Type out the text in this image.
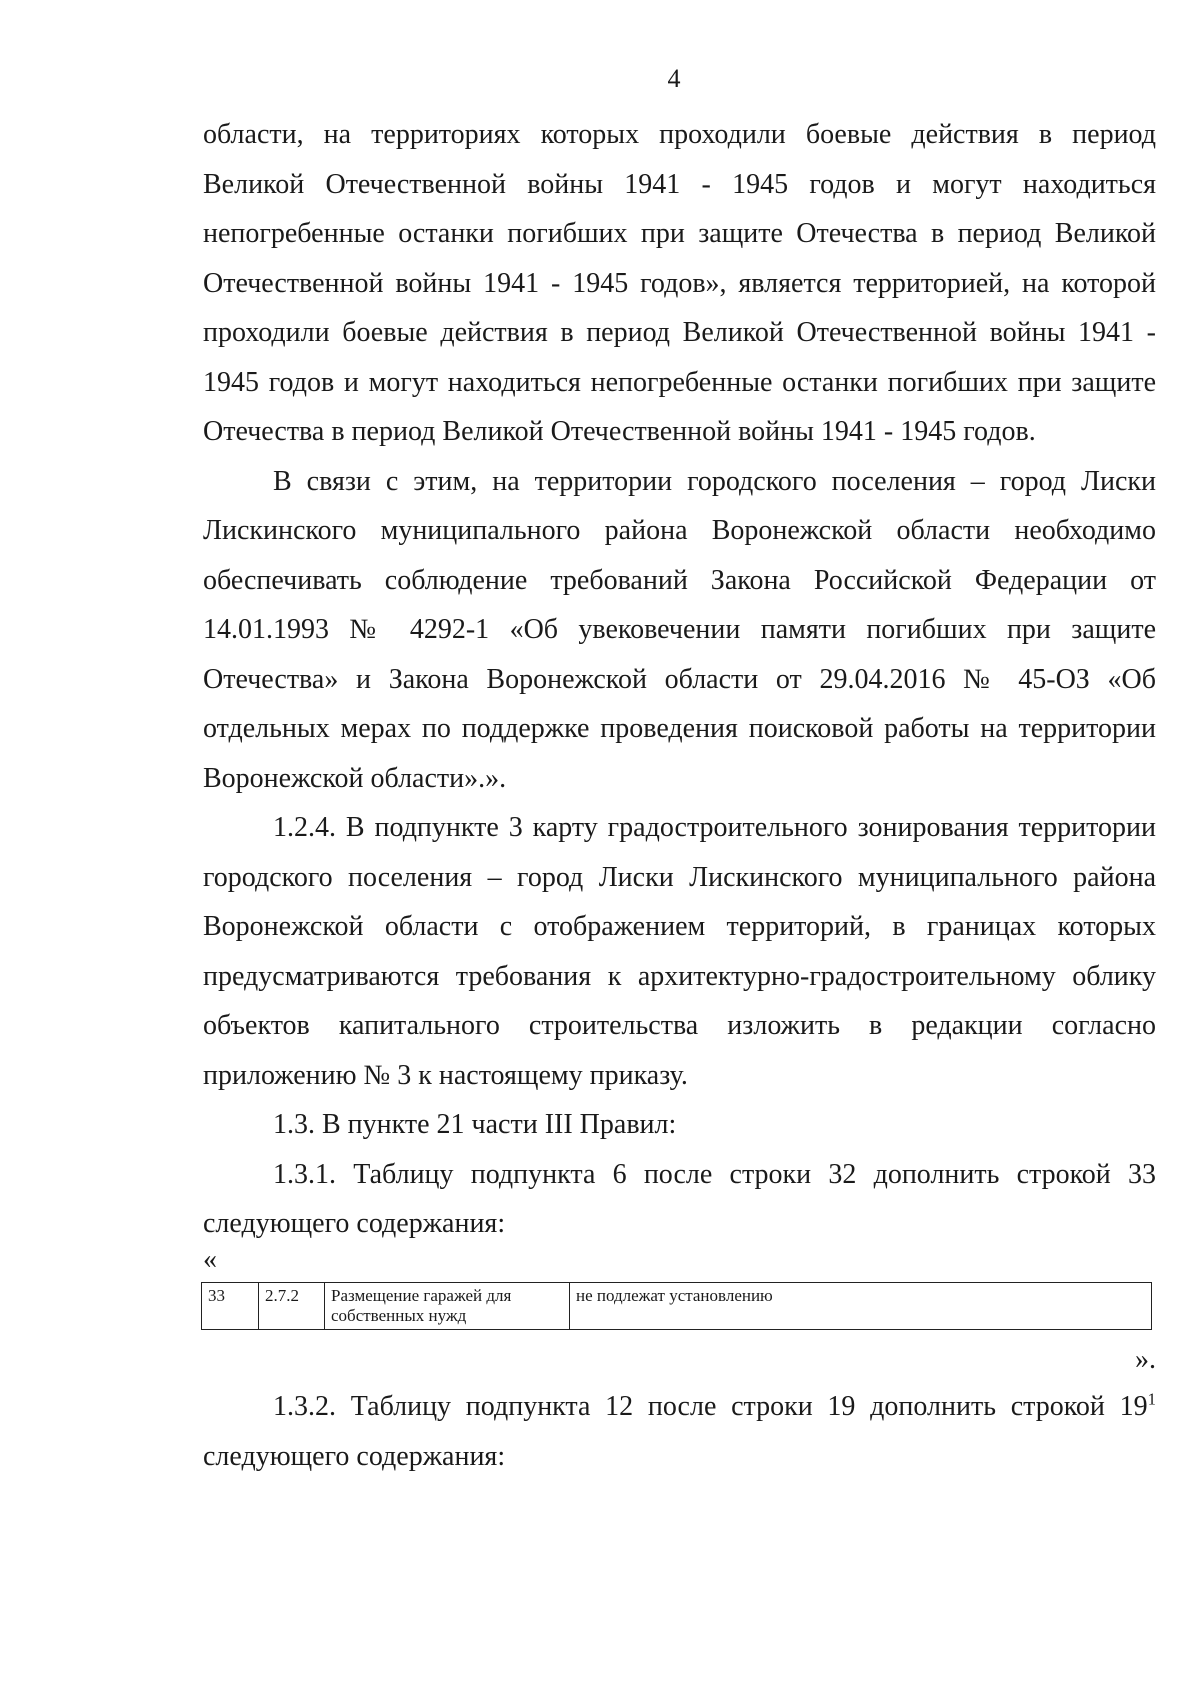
4

области, на территориях которых проходили боевые действия в период Великой Отечественной войны 1941 - 1945 годов и могут находиться непогребенные останки погибших при защите Отечества в период Великой Отечественной войны 1941 - 1945 годов», является территорией, на которой проходили боевые действия в период Великой Отечественной войны 1941 - 1945 годов и могут находиться непогребенные останки погибших при защите Отечества в период Великой Отечественной войны 1941 - 1945 годов.

В связи с этим, на территории городского поселения – город Лиски Лискинского муниципального района Воронежской области необходимо обеспечивать соблюдение требований Закона Российской Федерации от 14.01.1993 № 4292-1 «Об увековечении памяти погибших при защите Отечества» и Закона Воронежской области от 29.04.2016 № 45-ОЗ «Об отдельных мерах по поддержке проведения поисковой работы на территории Воронежской области».».

1.2.4. В подпункте 3 карту градостроительного зонирования территории городского поселения – город Лиски Лискинского муниципального района Воронежской области с отображением территорий, в границах которых предусматриваются требования к архитектурно-градостроительному облику объектов капитального строительства изложить в редакции согласно приложению № 3 к настоящему приказу.

1.3. В пункте 21 части III Правил:

1.3.1. Таблицу подпункта 6 после строки 32 дополнить строкой 33 следующего содержания:

«
33	2.7.2	Размещение гаражей для собственных нужд	не подлежат установлению
».

1.3.2. Таблицу подпункта 12 после строки 19 дополнить строкой $19^1$ следующего содержания:
